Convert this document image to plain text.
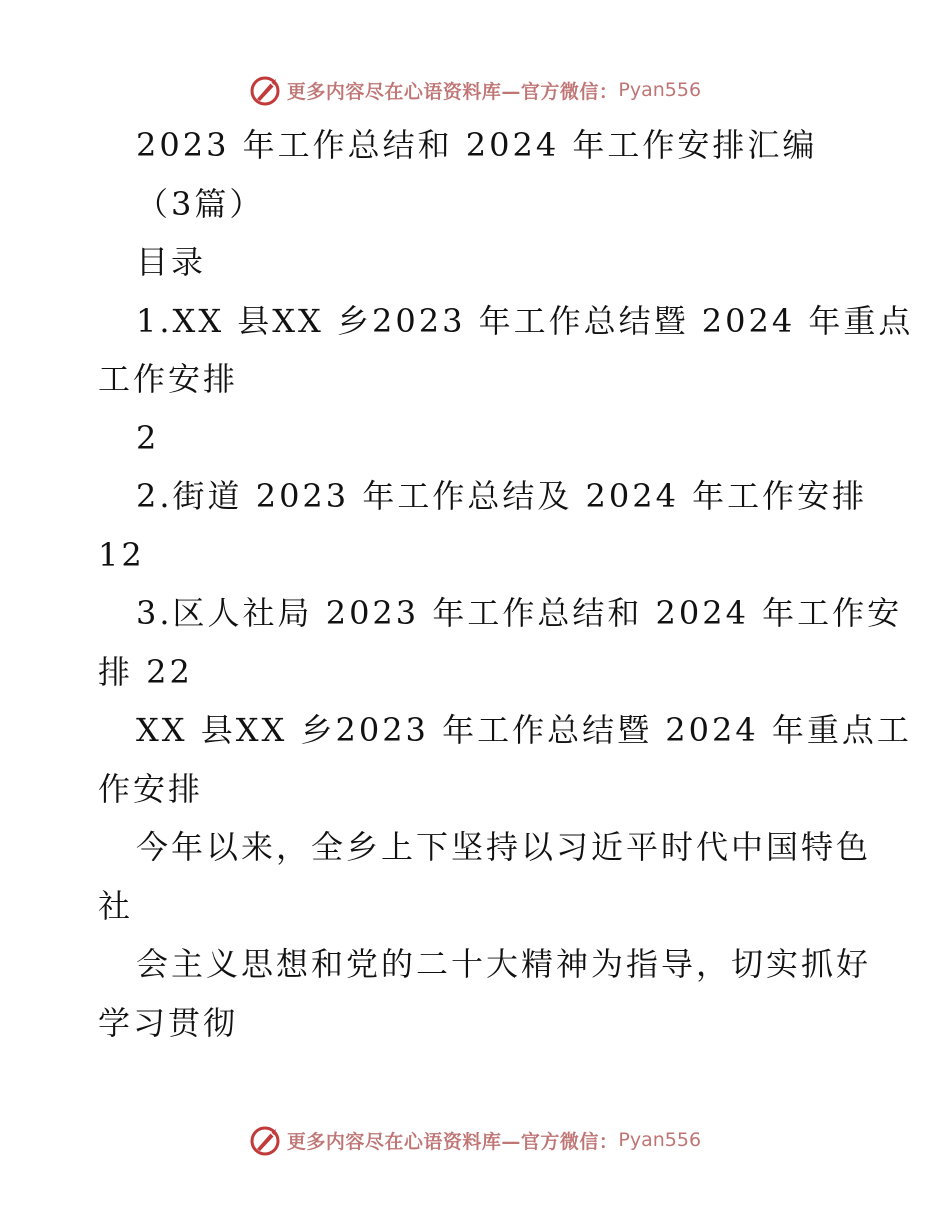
更多内容尽在心语资料库—官方微信： Pyan556
2023 年工作总结和 2024 年工作安排汇编
（3篇）
目录
1.XX 县XX 乡2023 年工作总结暨 2024 年重点
工作安排
2
2.街道 2023 年工作总结及 2024 年工作安排
12
3.区人社局 2023 年工作总结和 2024 年工作安
排 22
XX 县XX 乡2023 年工作总结暨 2024 年重点工
作安排
今年以来，全乡上下坚持以习近平时代中国特色
社
会主义思想和党的二十大精神为指导，切实抓好
学习贯彻
更多内容尽在心语资料库—官方微信： Pyan556
